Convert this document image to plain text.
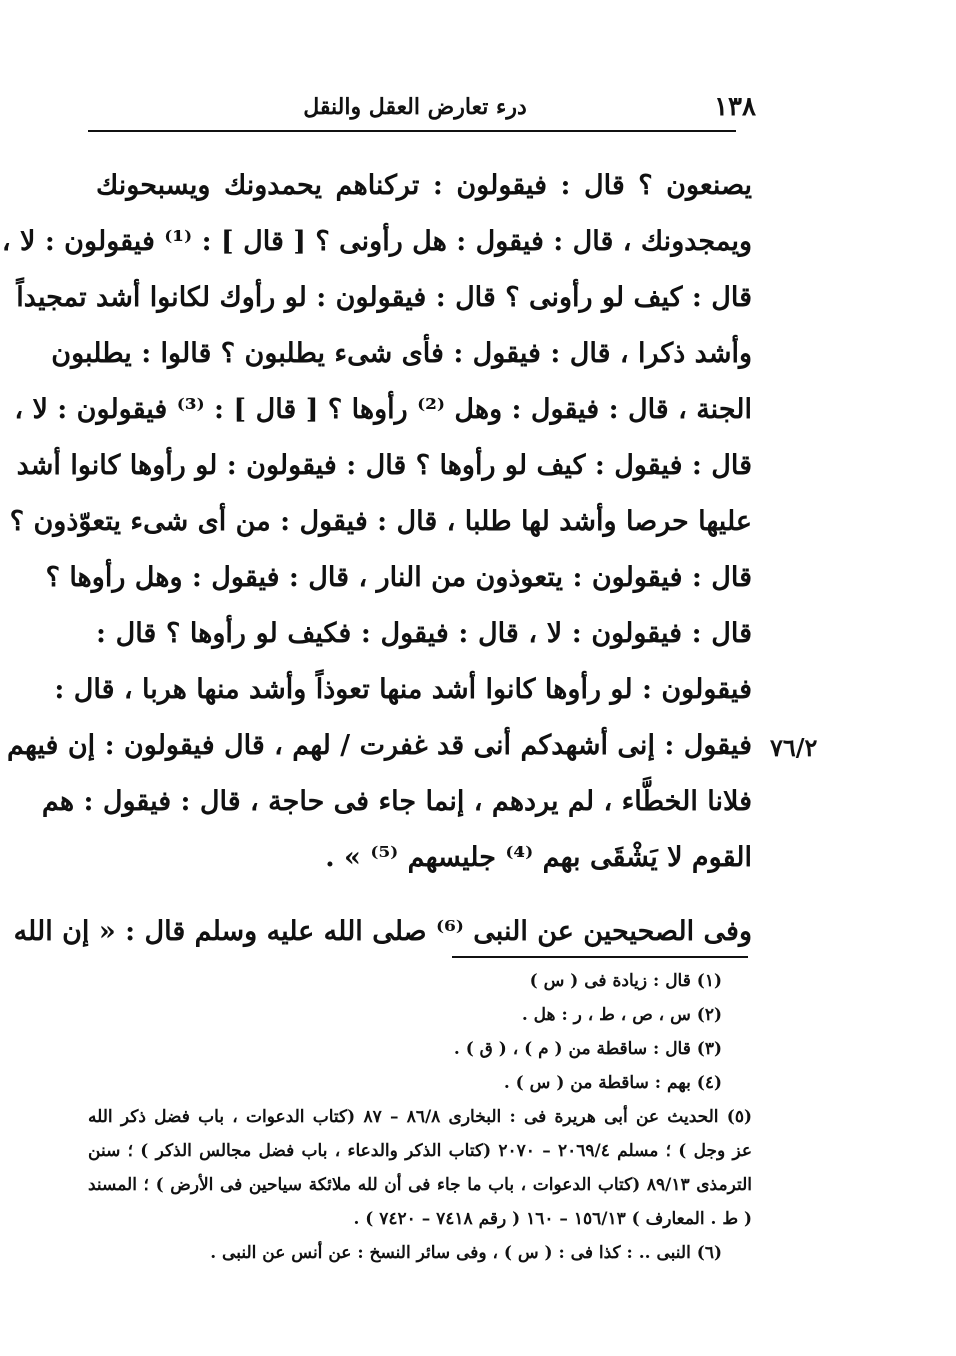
١٣٨
درء تعارض العقل والنقل
٧٦/٢
يصنعون ؟ قال : فيقولون : تركناهم يحمدونك ويسبحونك
ويمجدونك ، قال : فيقول : هل رأونى ؟ [ قال ] : ⁽¹⁾ فيقولون : لا ،
قال : كيف لو رأونى ؟ قال : فيقولون : لو رأوك لكانوا أشد تمجيداً
وأشد ذكرا ، قال : فيقول : فأى شىء يطلبون ؟ قالوا : يطلبون
الجنة ، قال : فيقول : وهل ⁽²⁾ رأوها ؟ [ قال ] : ⁽³⁾ فيقولون : لا ،
قال : فيقول : كيف لو رأوها ؟ قال : فيقولون : لو رأوها كانوا أشد
عليها حرصا وأشد لها طلبا ، قال : فيقول : من أى شىء يتعوّذون ؟
قال : فيقولون : يتعوذون من النار ، قال : فيقول : وهل رأوها ؟
قال : فيقولون : لا ، قال : فيقول : فكيف لو رأوها ؟ قال :
فيقولون : لو رأوها كانوا أشد منها تعوذاً وأشد منها هربا ، قال :
فيقول : إنى أشهدكم أنى قد غفرت / لهم ، قال فيقولون : إن فيهم
فلانا الخطَّاء ، لم يردهم ، إنما جاء فى حاجة ، قال : فيقول : هم
القوم لا يَشْقَى بهم ⁽⁴⁾ جليسهم ⁽⁵⁾ » .
وفى الصحيحين عن النبى ⁽⁶⁾ صلى الله عليه وسلم قال : « إن الله
(١) قال : زيادة فى ( س )
(٢) س ، ص ، ط ، ر : هل .
(٣) قال : ساقطة من ( م ) ، ( ق ) .
(٤) بهم : ساقطة من ( س ) .
(٥) الحديث عن أبى هريرة فى : البخارى ٨٦/٨ – ٨٧ (كتاب الدعوات ، باب فضل ذكر الله
عز وجل ) ؛ مسلم ٢٠٦٩/٤ – ٢٠٧٠ (كتاب الذكر والدعاء ، باب فضل مجالس الذكر ) ؛ سنن
الترمذى ٨٩/١٣ (كتاب الدعوات ، باب ما جاء فى أن لله ملائكة سياحين فى الأرض ) ؛ المسند
( ط . المعارف ) ١٥٦/١٣ – ١٦٠ ( رقم ٧٤١٨ – ٧٤٢٠ ) .
(٦) النبى .. : كذا فى : ( س ) ، وفى سائر النسخ : عن أنس عن النبى .
